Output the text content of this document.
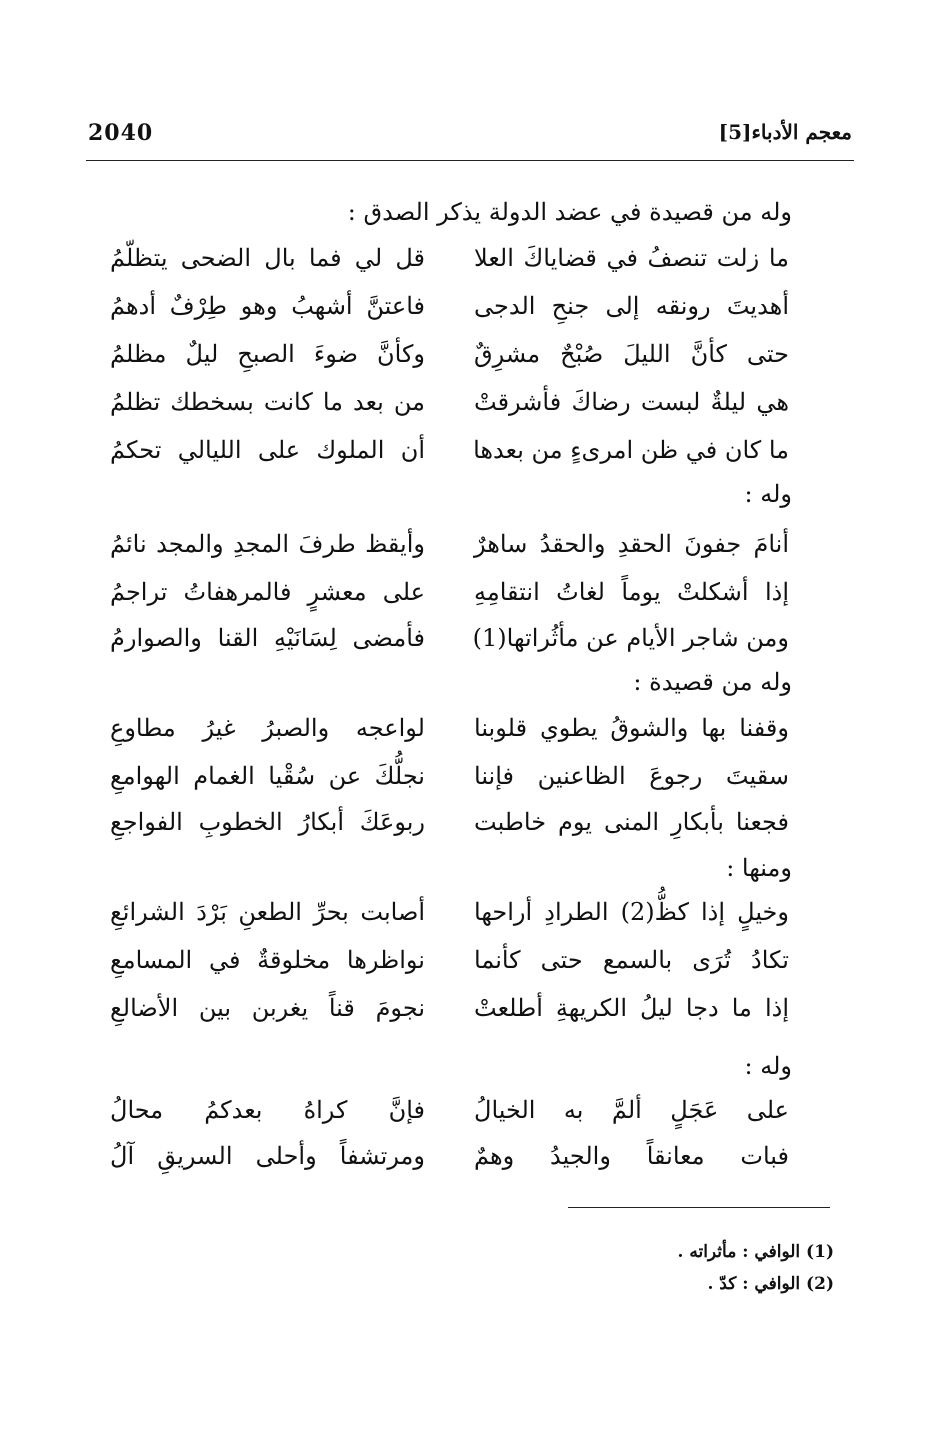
2040	معجم الأدباء[5]
وله من قصيدة في عضد الدولة يذكر الصدق :
ما زلت تنصفُ في قضاياكَ العلا
قل لي فما بال الضحى يتظلّمُ
أهديتَ رونقه إلى جنحِ الدجى
فاعتنَّ أشهبُ وهو طِرْفٌ أدهمُ
حتى كأنَّ الليلَ صُبْحٌ مشرِقٌ
وكأنَّ ضوءَ الصبحِ ليلٌ مظلمُ
هي ليلةٌ لبست رضاكَ فأشرقتْ
من بعد ما كانت بسخطك تظلمُ
ما كان في ظن امرىءٍ من بعدها
أن الملوك على الليالي تحكمُ
وله :
أنامَ جفونَ الحقدِ والحقدُ ساهرٌ
وأيقظ طرفَ المجدِ والمجد نائمُ
إذا أشكلتْ يوماً لغاتُ انتقامِهِ
على معشرٍ فالمرهفاتُ تراجمُ
ومن شاجر الأيام عن مأثُراتها(1)
فأمضى لِسَانَيْهِ القنا والصوارمُ
وله من قصيدة :
وقفنا بها والشوقُ يطوي قلوبنا
لواعجه والصبرُ غيرُ مطاوعِ
سقيتَ رجوعَ الظاعنين فإننا
نجلُّكَ عن سُقْيا الغمام الهوامعِ
فجعنا بأبكارِ المنى يوم خاطبت
ربوعَكَ أبكارُ الخطوبِ الفواجعِ
ومنها :
وخيلٍ إذا كظُّ(2) الطرادِ أراحها
أصابت بحرِّ الطعنِ بَرْدَ الشرائعِ
تكادُ تُرَى بالسمع حتى كأنما
نواظرها مخلوقةٌ في المسامعِ
إذا ما دجا ليلُ الكريهةِ أطلعتْ
نجومَ قناً يغربن بين الأضالعِ
وله :
على عَجَلٍ ألمَّ به الخيالُ
فإنَّ كراهُ بعدكمُ محالُ
فبات معانقاً والجيدُ وهمٌ
ومرتشفاً وأحلى السريقِ آلُ
(1) الوافي : مأثراته .
(2) الوافي : كدّ .
